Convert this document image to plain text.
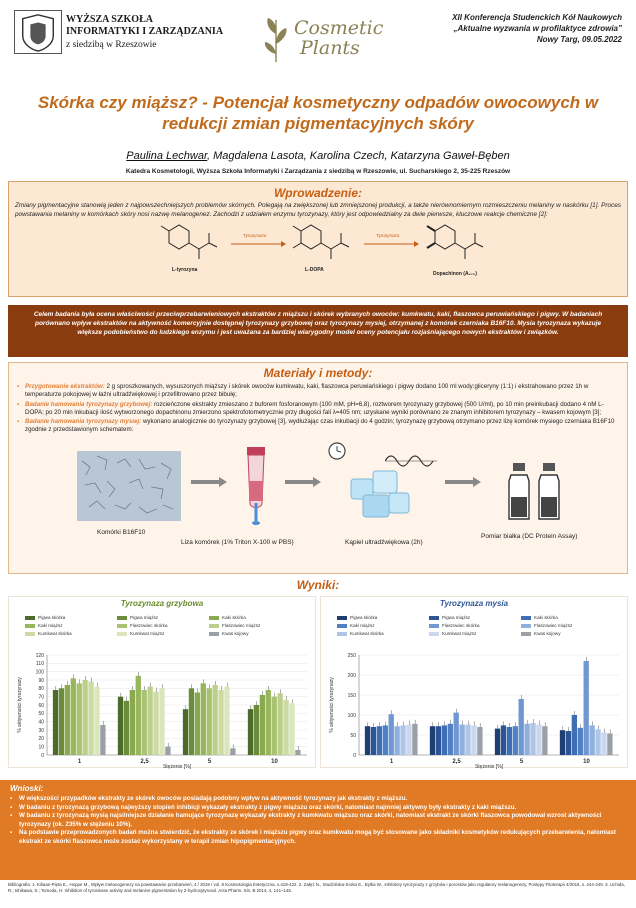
WYŻSZA SZKOŁA
INFORMATYKI I ZARZĄDZANIA
z siedzibą w Rzeszowie
Cosmetic
Plants
XII Konferencja Studenckich Kół Naukowych
„Aktualne wyzwania w profilaktyce zdrowia”
Nowy Targ, 09.05.2022
Skórka czy miąższ? - Potencjał kosmetyczny odpadów owocowych w
redukcji zmian pigmentacyjnych skóry
Paulina Lechwar, Magdalena Lasota, Karolina Czech, Katarzyna Gaweł-Bęben
Katedra Kosmetologii, Wyższa Szkoła Informatyki i Zarządzania z siedzibą w Rzeszowie, ul. Sucharskiego 2, 35-225 Rzeszów
Wprowadzenie:
Zmiany pigmentacyjne stanowią jeden z najpowszechniejszych problemów skórnych. Polegają na zwiększonej lub zmniejszonej produkcji, a także nierównomiernym rozmieszczeniu melaniny w naskórku [1]. Proces powstawania melaniny w komórkach skóry nosi nazwę melanogenez. Zachodzi z udziałem enzymu tyrozynazy, który jest odpowiedzialny za dwie pierwsze, kluczowe reakcje chemiczne [2]:
L-tyrozyna
Tyrozynaza
L-DOPA
Tyrozynaza
Dopachinon (A₄₇₅)
Celem badania była ocena właściwości przeciwprzebarwieniowych ekstraktów z miąższu i skórek wybranych owoców: kumkwatu, kaki, flaszowca peruwiańskiego i pigwy. W badaniach porównano wpływ ekstraktów na aktywność komercyjnie dostępnej tyrozynazy grzybowej oraz tyrozynazy mysiej, otrzymanej z komórek czerniaka B16F10. Mysia tyrozynaza wykazuje większe podobieństwo do ludzkiego enzymu i jest uważana za bardziej wiarygodny model oceny potencjału rozjaśniającego nowych ekstraktów i związków.
Materiały i metody:
▪ Przygotowanie ekstraktów: 2 g sproszkowanych, wysuszonych miąższy i skórek owoców kumkwatu, kaki, flaszowca peruwiańskiego i pigwy dodano 100 ml wody:gliceryny (1:1) i ekstrahowano przez 1h w temperaturze pokojowej w łaźni ultradźwiękowej i przefiltrowano przez bibułę;
▪ Badanie hamowania tyrozynazy grzybowej: rozcieńczone ekstrakty zmieszano z buforem fosforanowym (100 mM, pH=6,8), roztworem tyrozynazy grzybowej (500 U/ml), po 10 min preinkubacji dodano 4 nM L-DOPA; po 20 min inkubacji ilość wytworzonego dopachinonu zmierzono spektrofotometrycznie przy długości fali λ=405 nm; uzyskane wyniki porównano ze znanym inhibitorem tyrozynazy – kwasem kojowym [3];
▪ Badanie hamowania tyrozynazy mysiej: wykonano analogicznie do tyrozynazy grzybowej [3], wydłużając czas inkubacji do 4 godzin; tyrozynazę grzybową otrzymano przez lizę komórek mysiego czerniaka B16F10 zgodnie z przedstawionym schematem:
Komórki B16F10
Liza komórek (1% Triton X-100 w PBS)	Kąpiel ultradźwiękowa (2h)
Pomiar białka (DC Protein Assay)
Wyniki:
Tyrozynaza grzybowa
Pigwa skórka	Pigwa miąższ	Kaki skórka
Kaki miąższ	Flaszowiec skórka	Flaszowiec miąższ
Kumkwat skórka	Kumkwat miąższ	Kwas kojowy
0
10
20
30
40
50
60
70
80
90
100
110
120
% aktywności tyrozynazy
1	2,5	5	10
Stężenie [%]
Tyrozynaza mysia
Pigwa skórka	Pigwa miąższ	Kaki skórka
Kaki miąższ	Flaszowiec skórka	Flaszowiec miąższ
Kumkwat skórka	Kumkwat miąższ	Kwas kojowy
0
50
100
150
200
250
% aktywności tyrozynazy
1	2,5	5	10
Stężenie [%]
Wnioski:
▪ W większości przypadków ekstrakty ze skórek owoców posiadają podobny wpływ na aktywność tyrozynazy jak ekstrakty z miąższu.
▪ W badaniu z tyrozynazą grzybową najwyższy stopień inhibicji wykazały ekstrakty z pigwy miąższu oraz skórki, natomiast najmniej aktywny były ekstrakty z kaki miąższu.
▪ W badaniu z tyrozynazą mysią najsilniejsze działanie hamujące tyrozynazę wykazały ekstrakty z kumkwatu miąższu oraz skórki, natomiast ekstrakt ze skórki flaszowca powodował wzrost aktywności tyrozynazy (ok. 235% w stężeniu 10%).
▪ Na podstawie przeprowadzonych badań można stwierdzić, że ekstrakty ze skórek i miąższu pigwy oraz kumkwatu mogą być stosowane jako składniki kosmetyków redukujących przebarwienia, natomiast ekstrakt ze skórki flaszowca może zostać wykorzystany w terapii zmian hipopigmentacyjnych.
Bibliografia: 1. Kiliaan-Pięta E., Hoppe M., Wpływ melanogenezy na powstawanie przebarwień, 4 / 2019 / vol. 8 Kosmetologia Estetyczna, s.419-422. 2. Załęż N., Studzińska-Sroka E., Bylka W., Inhibitory tyrozynazy z grzybów i porostów jako regulatory melanogenezy, Postępy Fitoterapii 4/2015, s. 244-249. 3. Uchida, R.; Ishikawa, S.; Tomoda, H. Inhibition of tyrosinase activity and melanine pigmentation by 2-hydroxytyrosol. Acta Pharm. Sin. B 2014, 4, 141–145.
